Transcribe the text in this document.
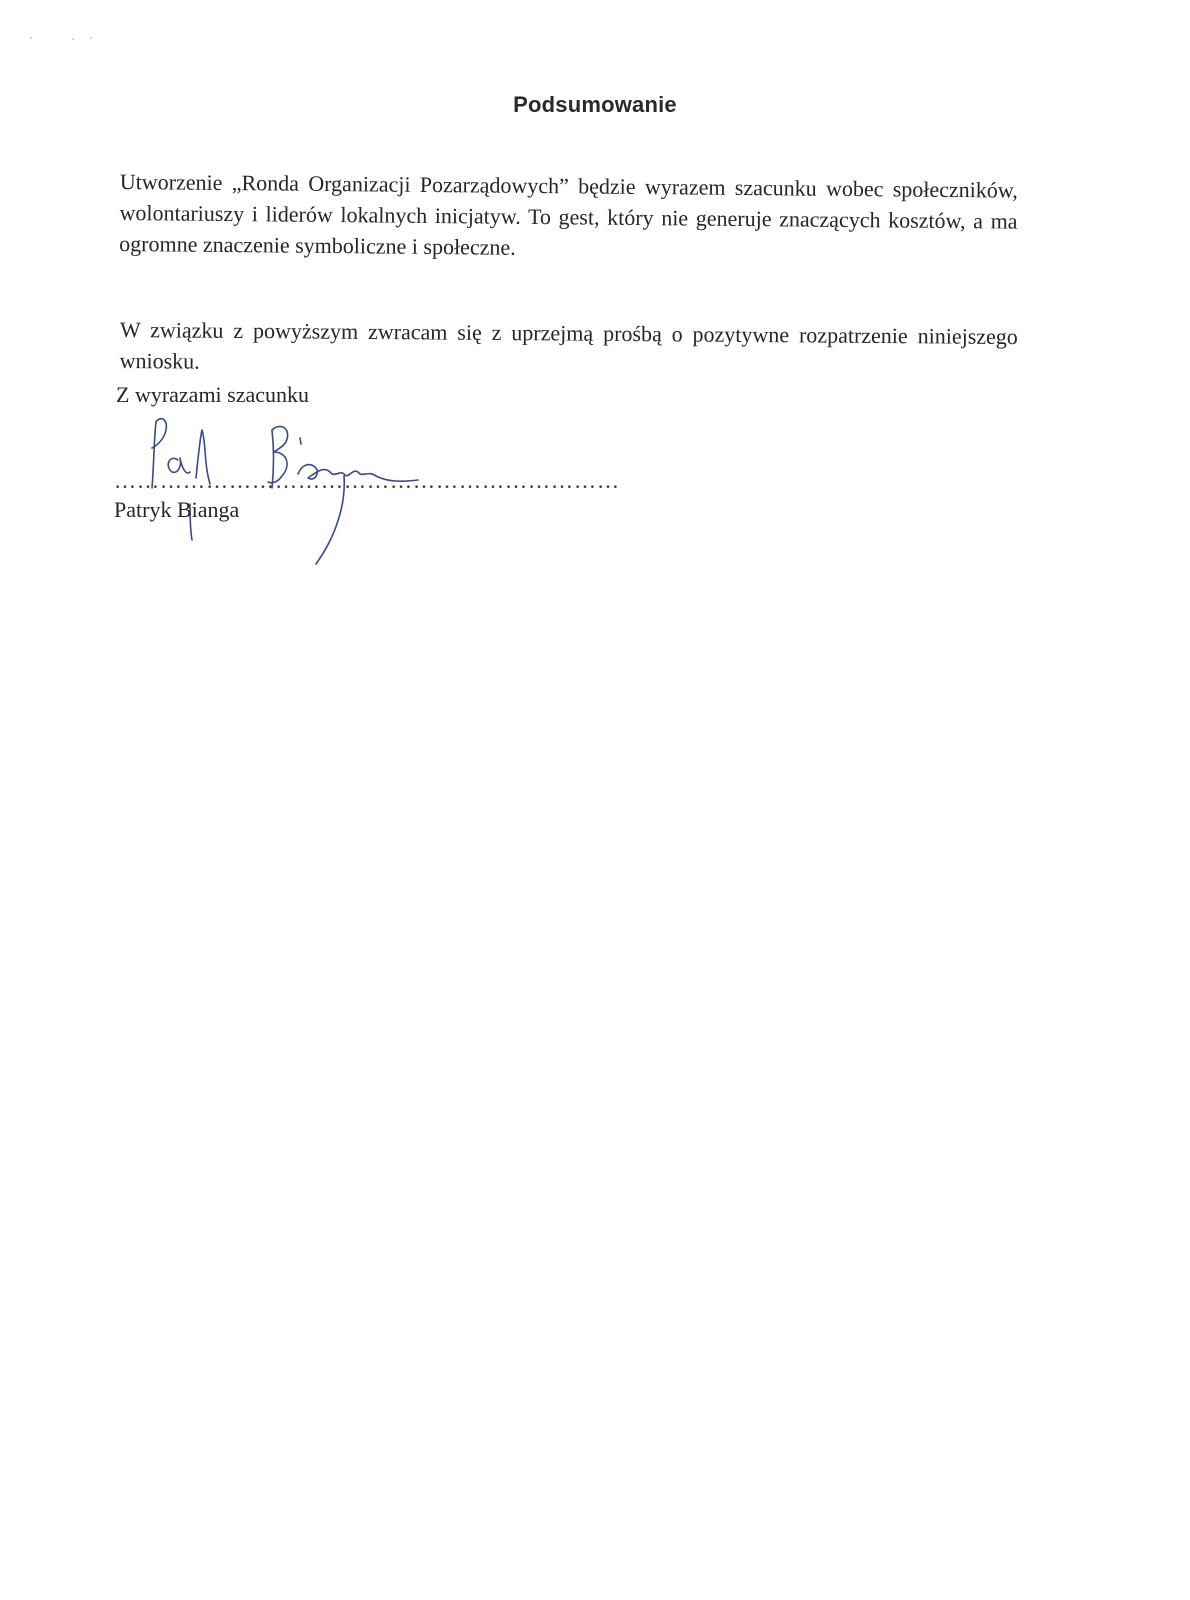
Podsumowanie
Utworzenie „Ronda Organizacji Pozarządowych” będzie wyrazem szacunku wobec społeczników, wolontariuszy i liderów lokalnych inicjatyw. To gest, który nie generuje znaczących kosztów, a ma ogromne znaczenie symboliczne i społeczne.
W związku z powyższym zwracam się z uprzejmą prośbą o pozytywne rozpatrzenie niniejszego wniosku.
Z wyrazami szacunku
…………………………………………………………
Patryk Bianga
